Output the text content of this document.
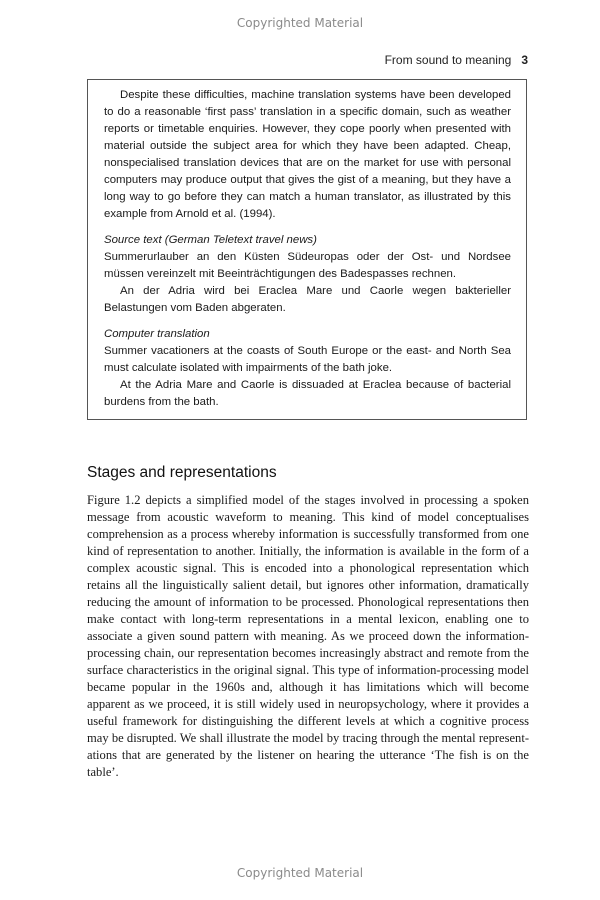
Copyrighted Material
From sound to meaning 3

Despite these difficulties, machine translation systems have been developed to do a reasonable ‘first pass’ translation in a specific domain, such as weather reports or timetable enquiries. However, they cope poorly when presented with material outside the subject area for which they have been adapted. Cheap, nonspecialised translation devices that are on the market for use with personal computers may produce output that gives the gist of a meaning, but they have a long way to go before they can match a human translator, as illustrated by this example from Arnold et al. (1994).

Source text (German Teletext travel news)

Summerurlauber an den Küsten Südeuropas oder der Ost- und Nordsee müssen vereinzelt mit Beeinträchtigungen des Badespasses rechnen.

An der Adria wird bei Eraclea Mare und Caorle wegen bakterieller Belastungen vom Baden abgeraten.

Computer translation

Summer vacationers at the coasts of South Europe or the east- and North Sea must calculate isolated with impairments of the bath joke.

At the Adria Mare and Caorle is dissuaded at Eraclea because of bacterial burdens from the bath.

Stages and representations

Figure 1.2 depicts a simplified model of the stages involved in processing a spoken message from acoustic waveform to meaning. This kind of model conceptualises comprehension as a process whereby information is successfully transformed from one kind of representation to another. Initially, the information is available in the form of a complex acoustic signal. This is encoded into a phonological representation which retains all the linguistically salient detail, but ignores other information, dramatically reducing the amount of information to be processed. Phonological representations then make contact with long-term representations in a mental lexicon, enabling one to associate a given sound pattern with meaning. As we proceed down the information-processing chain, our representation becomes increasingly abstract and remote from the surface characteristics in the original signal. This type of information-processing model became popular in the 1960s and, although it has limitations which will become apparent as we proceed, it is still widely used in neuropsychology, where it provides a useful framework for distinguishing the different levels at which a cognitive process may be disrupted. We shall illustrate the model by tracing through the mental representations that are generated by the listener on hearing the utterance ‘The fish is on the table’.

Copyrighted Material
